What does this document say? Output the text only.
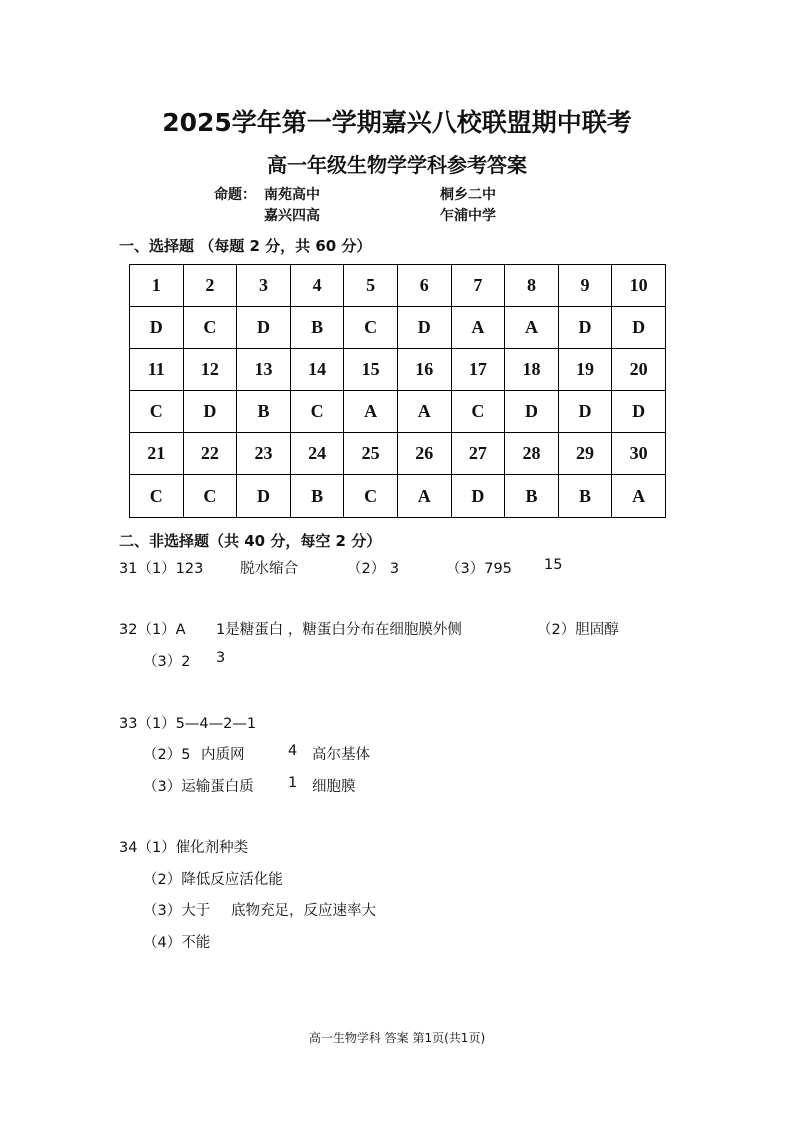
2025学年第一学期嘉兴八校联盟期中联考
高一年级生物学学科参考答案
命题： 南苑高中	桐乡二中
嘉兴四高	乍浦中学
一、选择题 （每题 2 分，共 60 分）
1	2	3	4	5	6	7	8	9	10
D	C	D	B	C	D	A	A	D	D
11	12	13	14	15	16	17	18	19	20
C	D	B	C	A	A	C	D	D	D
21	22	23	24	25	26	27	28	29	30
C	C	D	B	C	A	D	B	B	A
二、非选择题（共 40 分，每空 2 分）
31（1）123	脱水缩合	（2） 3	（3）795 15
32（1）A 1是糖蛋白 ，糖蛋白分布在细胞膜外侧	（2）胆固醇
（3）2 3
33（1）5—4—2—1
（2）5 内质网	4 高尔基体
（3）运输蛋白质 1 细胞膜
34（1）催化剂种类
（2）降低反应活化能
（3）大于 底物充足，反应速率大
（4）不能
高一生物学科 答案 第1页(共1页)
